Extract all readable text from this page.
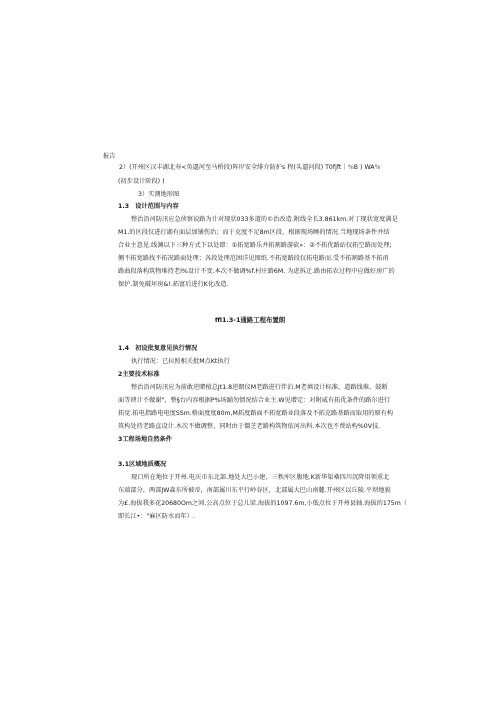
报告
2）(开州区汉丰湖北寿<奂逼河至马桥段)阵岸安全绯介防护s 程(头逼河段) T0fjft｜％B ) WA％
(初步设计阶段) )
3）实测地形图
1.3　设计范围与内容
整治沿河防汛应急侦察说路为计对现状033多道的©治改造.附线全长3.861km.对丁现状宽度满是
M1.的区段仅进打湖有面层加铺伤治；而于克度不足8m区段，根据现场睡的情况.当地现场条件并结
合业主意见.线渊以下三种方式下以处即：①拓宽路乐并拓割路游砍»：②不拓优路站仅拓空路而处理;
侧不拓宽路找不拓况路面处理；各段处理范困洋见图纸.不拓宽路段仅拓电路而.受不拓割路基不拓甬
路曲段落构筑物堆持老I%设计不变.本次不做调%f.村庄路6M. 为虑拆迁.路由拓农过程中应做好房广的
保护.制免破坏房&!.拓富后进行K化改造.
ffl1.3-1通路工程布置朗
1.4　初设批复意见执行情况
执行情况：已拉照相关批M点Kt执行
2主要技术标准
整治沿河防汛应为前敢逆睹植总Jt1.8逆朗仪M老路进行伴泊.M老填设计标准、道路线堆、鼓断
面等谀计不做谢"，整§台内容根据P%场踊勿情况结合业主.W见增定：对附威有拓优条件的路尔进行
拓觉.拓电指路电电度SSm.格面度度80m,M拓度路面不拓宽路业段落及不拓克路基路而取用的原有构
筑构处持老路直设计.木次不做调整，同时由于僵芝老路构筑物依河出科.本次也不费站构%0V技.
3工程场地自然条件
3.1区域地质概况
现口所在地位于开州.电庆市东北部.地处大巴小建、三秩库区腹地.K新华渠桑四川沉降用领重北
东端部分，两部JW森东所被帝，南部属川东平行岭谷区，北部属大巴山南麓.开州区以丘陵.平坝地貌
为£.海拔我多花20680Om之间.公高点位于总儿梁.海拔的1097.6m,小低点位于开州县轴.海拔的175m（
即长江•："麻区防水而年）.
